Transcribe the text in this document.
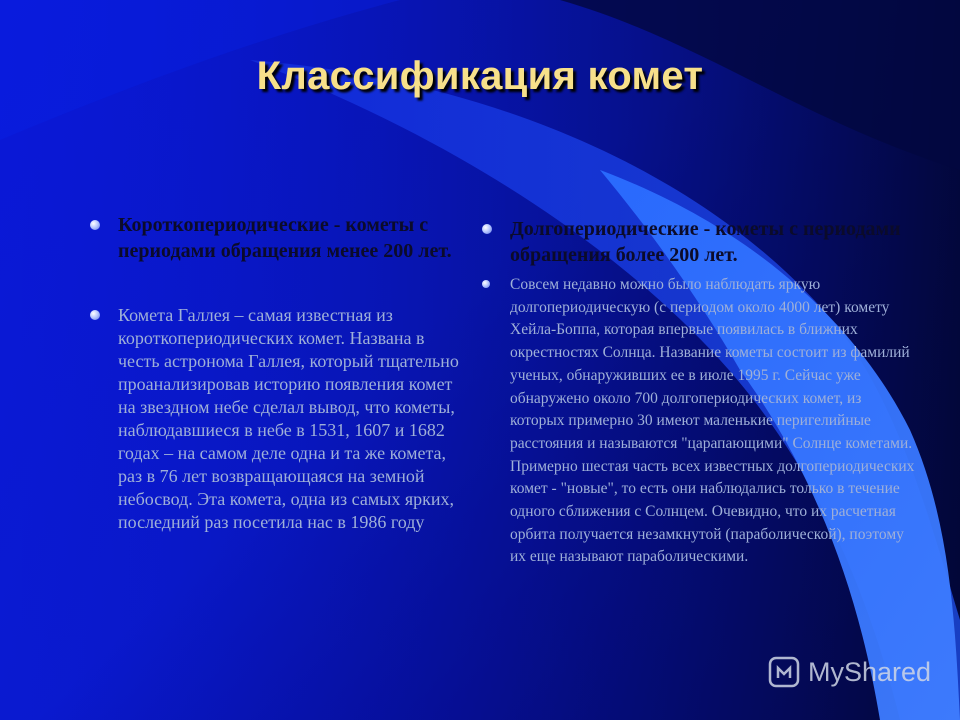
Классификация комет
Короткопериодические - кометы с периодами обращения менее 200 лет.
Комета Галлея – самая известная из короткопериодических комет. Названа в честь астронома Галлея, который тщательно проанализировав историю появления комет на звездном небе сделал вывод, что кометы, наблюдавшиеся в небе в 1531, 1607 и 1682 годах – на самом деле одна и та же комета, раз в 76 лет возвращающаяся на земной небосвод. Эта комета, одна из самых ярких, последний раз посетила нас в 1986 году
Долгопериодические - кометы с периодами обращения более 200 лет.
Совсем недавно можно было наблюдать яркую долгопериодическую (с периодом около 4000 лет) комету Хейла-Боппа, которая впервые появилась в ближних окрестностях Солнца. Название кометы состоит из фамилий ученых, обнаруживших ее в июле 1995 г. Сейчас уже обнаружено около 700 долгопериодических комет, из которых примерно 30 имеют маленькие перигелийные расстояния и называются "царапающими" Солнце кометами. Примерно шестая часть всех известных долгопериодических комет - "новые", то есть они наблюдались только в течение одного сближения с Солнцем. Очевидно, что их расчетная орбита получается незамкнутой (параболической), поэтому их еще называют параболическими.
MyShared
